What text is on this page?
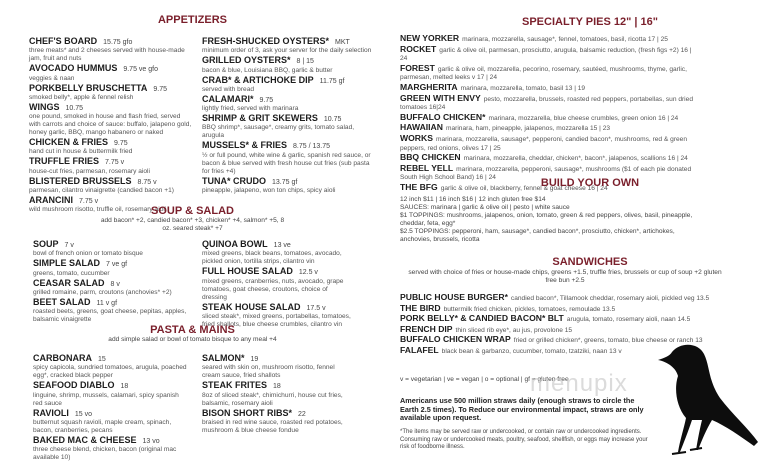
APPETIZERS
CHEF'S BOARD 15.75 gfo
three meats* and 2 cheeses served with house-made jam, fruit and nuts
AVOCADO HUMMUS 9.75 ve gfo
veggies & naan
PORKBELLY BRUSCHETTA 9.75
smoked belly*, apple & fennel relish
WINGS 10.75
one pound, smoked in house and flash fried, served with carrots and choice of sauce: buffalo, jalapeno gold, honey garlic, BBQ, mango habanero or naked
CHICKEN & FRIES 9.75
hand cut in house & buttermilk fried
TRUFFLE FRIES 7.75 v
house-cut fries, parmesan, rosemary aioli
BLISTERED BRUSSELS 8.75 v
parmesan, cilantro vinaigrette (candied bacon +1)
ARANCINI 7.75 v
wild mushroom risotto, truffle oil, rosemary aioli
FRESH-SHUCKED OYSTERS* MKT
minimum order of 3, ask your server for the daily selection
GRILLED OYSTERS* 8 | 15
bacon & blue, Louisiana BBQ, garlic & butter
CRAB* & ARTICHOKE DIP 11.75 gf
served with bread
CALAMARI* 9.75
lightly fried, served with marinara
SHRIMP & GRIT SKEWERS 10.75
BBQ shrimp*, sausage*, creamy grits, tomato salad, arugula
MUSSELS* & FRIES 8.75 / 13.75
½ or full pound, white wine & garlic, spanish red sauce, or bacon & blue served with fresh house cut fries (sub pasta for fries +4)
TUNA* CRUDO 13.75 gf
pineapple, jalapeno, won ton chips, spicy aioli
SOUP & SALAD
add bacon* +2, candied bacon* +3, chicken* +4, salmon* +5, 8 oz. seared steak* +7
SOUP 7 v
bowl of french onion or tomato bisque
SIMPLE SALAD 7 ve gf
greens, tomato, cucumber
CEASAR SALAD 8 v
grilled romaine, parm, croutons (anchovies* +2)
BEET SALAD 11 v gf
roasted beets, greens, goat cheese, pepitas, apples, balsamic vinaigrette
QUINOA BOWL 13 ve
mixed greens, black beans, tomatoes, avocado, pickled onion, tortilla strips, cilantro vin
FULL HOUSE SALAD 12.5 v
mixed greens, cranberries, nuts, avocado, grape tomatoes, goat cheese, croutons, choice of dressing
STEAK HOUSE SALAD 17.5 v
sliced steak*, mixed greens, portabellas, tomatoes, fried shallots, blue cheese crumbles, cilantro vin
PASTA & MAINS
add simple salad or bowl of tomato bisque to any meal +4
CARBONARA 15
spicy capicola, sundried tomatoes, arugula, poached egg*, cracked black pepper
SEAFOOD DIABLO 18
linguine, shrimp, mussels, calamari, spicy spanish red sauce
RAVIOLI 15 vo
butternut squash ravioli, maple cream, spinach, bacon, cranberries, pecans
BAKED MAC & CHEESE 13 vo
three cheese blend, chicken, bacon (original mac available 10)
SALMON* 19
seared with skin on, mushroom risotto, fennel cream sauce, fried shallots
STEAK FRITES 18
8oz of sliced steak*, chimichurri, house cut fries, balsamic, rosemary aioli
BISON SHORT RIBS* 22
braised in red wine sauce, roasted red potatoes, mushroom & blue cheese fondue
SPECIALTY PIES 12" | 16"
NEW YORKER marinara, mozzarella, sausage*, fennel, tomatoes, basil, ricotta 17 | 25
ROCKET garlic & olive oil, parmesan, prosciutto, arugula, balsamic reduction, (fresh figs +2) 16 | 24
FOREST garlic & olive oil, mozzarella, pecorino, rosemary, sautéed, mushrooms, thyme, garlic, parmesan, melted leeks v 17 | 24
MARGHERITA marinara, mozzarella, tomato, basil 13 | 19
GREEN WITH ENVY pesto, mozzarella, brussels, roasted red peppers, portabellas, sun dried tomatoes 16|24
BUFFALO CHICKEN* marinara, mozzarella, blue cheese crumbles, green onion 16 | 24
HAWAIIAN marinara, ham, pineapple, jalapenos, mozzarella 15 | 23
WORKS marinara, mozzarella, sausage*, pepperoni, candied bacon*, mushrooms, red & green peppers, red onions, olives 17 | 25
BBQ CHICKEN marinara, mozzarella, cheddar, chicken*, bacon*, jalapenos, scallions 16 | 24
REBEL YELL marinara, mozzarella, pepperoni, sausage*, mushrooms ($1 of each pie donated South High School Band) 16 | 24
THE BFG garlic & olive oil, blackberry, fennel & goat cheese 16 | 24
BUILD YOUR OWN
12 inch $11 | 16 inch $16 | 12 inch gluten free $14
SAUCES: marinara | garlic & olive oil | pesto | white sauce
$1 TOPPINGS: mushrooms, jalapenos, onion, tomato, green & red peppers, olives, basil, pineapple, cheddar, feta, egg*
$2.5 TOPPINGS: pepperoni, ham, sausage*, candied bacon*, prosciutto, chicken*, artichokes, anchovies, brussels, ricotta
SANDWICHES
served with choice of fries or house-made chips, greens +1.5, truffle fries, brussels or cup of soup +2 gluten free bun +2.5
PUBLIC HOUSE BURGER* candied bacon*, Tillamook cheddar, rosemary aioli, pickled veg 13.5
THE BIRD buttermilk fried chicken, pickles, tomatoes, remoulade 13.5
PORK BELLY* & CANDIED BACON* BLT arugula, tomato, rosemary aioli, naan 14.5
FRENCH DIP thin sliced rib eye*, au jus, provolone 15
BUFFALO CHICKEN WRAP fried or grilled chicken*, greens, tomato, blue cheese or ranch 13
FALAFEL black bean & garbanzo, cucumber, tomato, tzatziki, naan 13 v
v = vegetarian | ve = vegan | o = optional | gf = gluten free
menupix
Americans use 500 million straws daily (enough straws to circle the Earth 2.5 times). To Reduce our environmental impact, straws are only available upon request.
*The items may be served raw or undercooked, or contain raw or undercooked ingredients. Consuming raw or undercooked meats, poultry, seafood, shellfish, or eggs may increase your risk of foodborne illness.
